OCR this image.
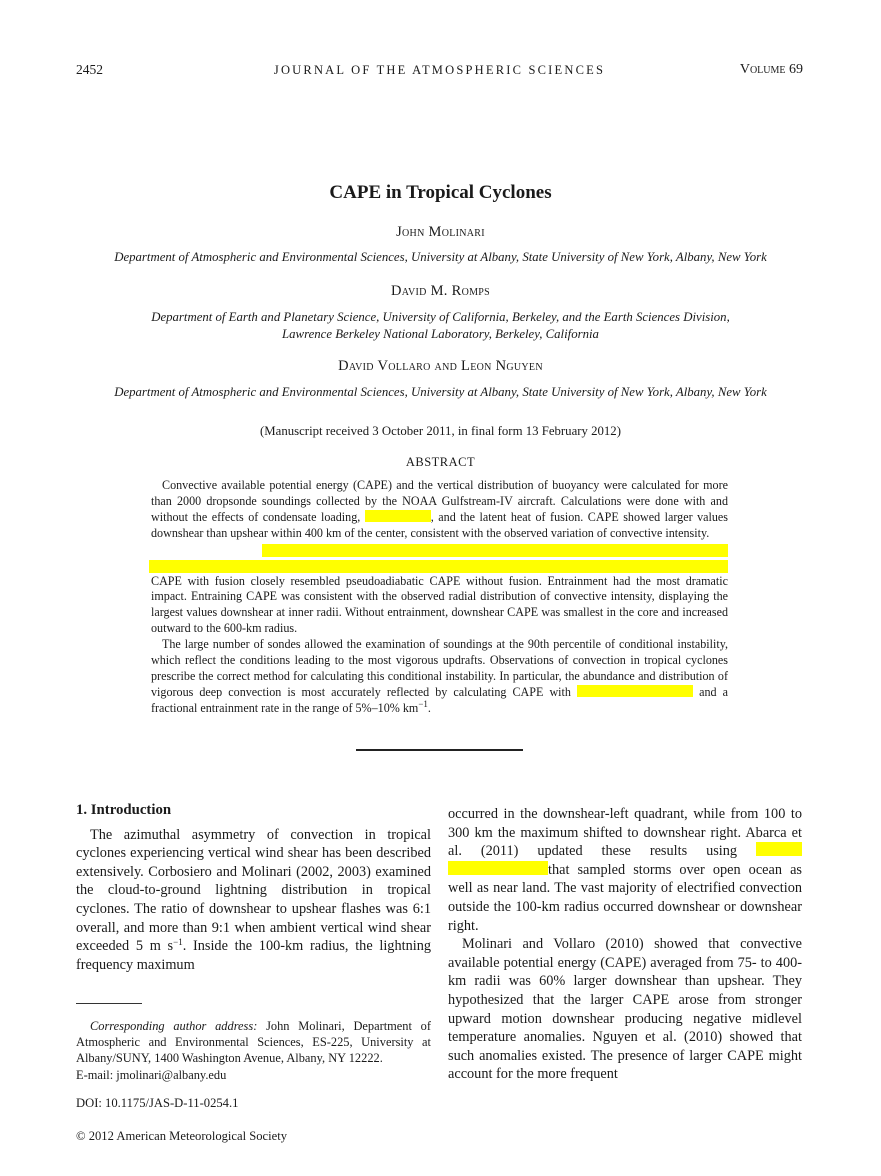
2452	JOURNAL OF THE ATMOSPHERIC SCIENCES	Volume 69
CAPE in Tropical Cyclones
John Molinari
Department of Atmospheric and Environmental Sciences, University at Albany, State University of New York, Albany, New York
David M. Romps
Department of Earth and Planetary Science, University of California, Berkeley, and the Earth Sciences Division,
Lawrence Berkeley National Laboratory, Berkeley, California
David Vollaro and Leon Nguyen
Department of Atmospheric and Environmental Sciences, University at Albany, State University of New York, Albany, New York
(Manuscript received 3 October 2011, in final form 13 February 2012)
ABSTRACT

Convective available potential energy (CAPE) and the vertical distribution of buoyancy were calculated for more than 2000 dropsonde soundings collected by the NOAA Gulfstream-IV aircraft. Calculations were done with and without the effects of condensate loading,	, and the latent heat of fusion. CAPE showed larger values downshear than upshear within 400 km of the center, consistent with the observed variation of convective intensity.

CAPE with fusion closely resembled pseudoadiabatic CAPE without fusion. Entrainment had the most dramatic impact. Entraining CAPE was consistent with the observed radial distribution of convective intensity, displaying the largest values downshear at inner radii. Without entrainment, downshear CAPE was smallest in the core and increased outward to the 600-km radius.

The large number of sondes allowed the examination of soundings at the 90th percentile of conditional instability, which reflect the conditions leading to the most vigorous updrafts. Observations of convection in tropical cyclones prescribe the correct method for calculating this conditional instability. In particular, the abundance and distribution of vigorous deep convection is most accurately reflected by calculating CAPE with	and a fractional entrainment rate in the range of 5%–10% $km^{-1}$.

1. Introduction

The azimuthal asymmetry of convection in tropical cyclones experiencing vertical wind shear has been described extensively. Corbosiero and Molinari (2002, 2003) examined the cloud-to-ground lightning distribution in tropical cyclones. The ratio of downshear to upshear flashes was 6:1 overall, and more than 9:1 when ambient vertical wind shear exceeded 5 m $s^{-1}$. Inside the 100-km radius, the lightning frequency maximum

occurred in the downshear-left quadrant, while from 100 to 300 km the maximum shifted to downshear right. Abarca et al. (2011) updated these results using  that sampled storms over open ocean as well as near land. The vast majority of electrified convection outside the 100-km radius occurred downshear or downshear right.

Molinari and Vollaro (2010) showed that convective available potential energy (CAPE) averaged from 75- to 400-km radii was 60% larger downshear than upshear. They hypothesized that the larger CAPE arose from stronger upward motion downshear producing negative midlevel temperature anomalies. Nguyen et al. (2010) showed that such anomalies existed. The presence of larger CAPE might account for the more frequent

Corresponding author address: John Molinari, Department of Atmospheric and Environmental Sciences, ES-225, University at Albany/SUNY, 1400 Washington Avenue, Albany, NY 12222.

E-mail: jmolinari@albany.edu
DOI: 10.1175/JAS-D-11-0254.1
© 2012 American Meteorological Society
